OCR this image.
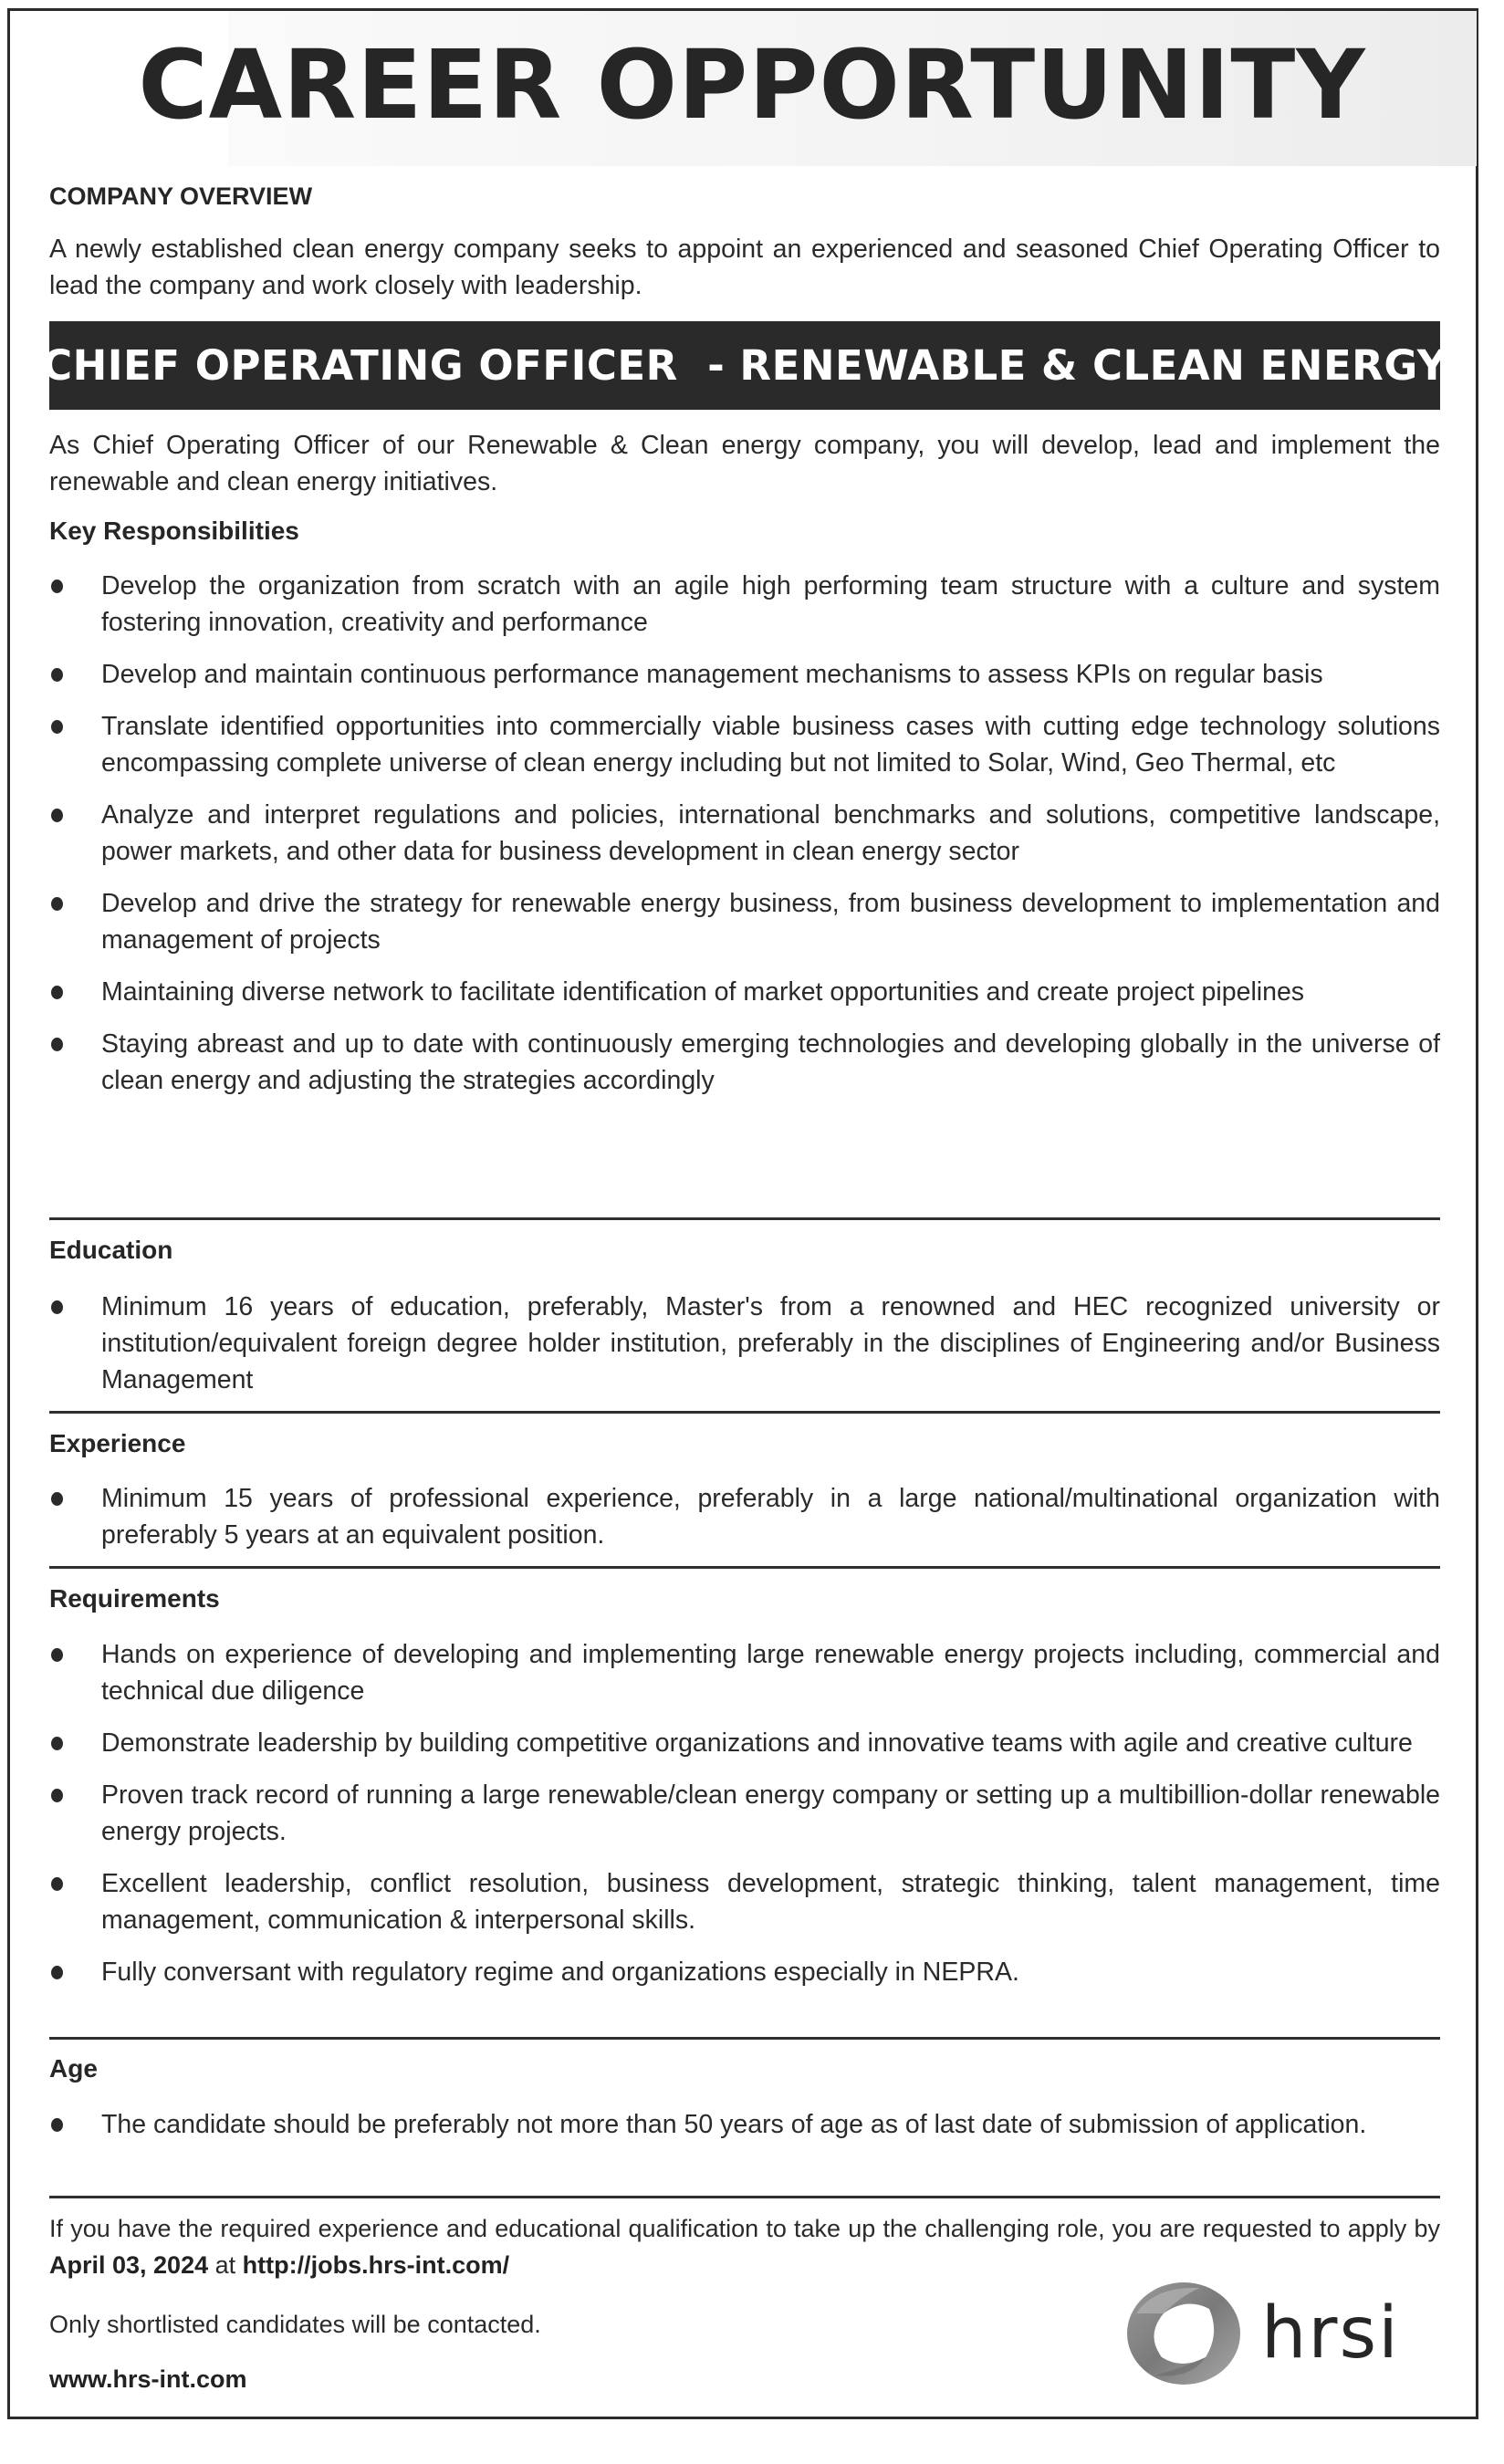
CAREER OPPORTUNITY
COMPANY OVERVIEW
A newly established clean energy company seeks to appoint an experienced and seasoned Chief Operating Officer to lead the company and work closely with leadership.
CHIEF OPERATING OFFICER  - RENEWABLE & CLEAN ENERGY
As Chief Operating Officer of our Renewable & Clean energy company, you will develop, lead and implement the renewable and clean energy initiatives.
Key Responsibilities
Develop the organization from scratch with an agile high performing team structure with a culture and system fostering innovation, creativity and performance
Develop and maintain continuous performance management mechanisms to assess KPIs on regular basis
Translate identified opportunities into commercially viable business cases with cutting edge technology solutions encompassing complete universe of clean energy including but not limited to Solar, Wind, Geo Thermal, etc
Analyze and interpret regulations and policies, international benchmarks and solutions, competitive landscape, power markets, and other data for business development in clean energy sector
Develop and drive the strategy for renewable energy business, from business development to implementation and management of projects
Maintaining diverse network to facilitate identification of market opportunities and create project pipelines
Staying abreast and up to date with continuously emerging technologies and developing globally in the universe of clean energy and adjusting the strategies accordingly
Education
Minimum 16 years of education, preferably, Master's from a renowned and HEC recognized university or institution/equivalent foreign degree holder institution, preferably in the disciplines of Engineering and/or Business Management
Experience
Minimum 15 years of professional experience, preferably in a large national/multinational organization with preferably 5 years at an equivalent position.
Requirements
Hands on experience of developing and implementing large renewable energy projects including, commercial and technical due diligence
Demonstrate leadership by building competitive organizations and innovative teams with agile and creative culture
Proven track record of running a large renewable/clean energy company or setting up a multibillion-dollar renewable energy projects.
Excellent leadership, conflict resolution, business development, strategic thinking, talent management, time management, communication & interpersonal skills.
Fully conversant with regulatory regime and organizations especially in NEPRA.
Age
The candidate should be preferably not more than 50 years of age as of last date of submission of application.
If you have the required experience and educational qualification to take up the challenging role, you are requested to apply by April 03, 2024 at http://jobs.hrs-int.com/
Only shortlisted candidates will be contacted.
www.hrs-int.com
hrsi
